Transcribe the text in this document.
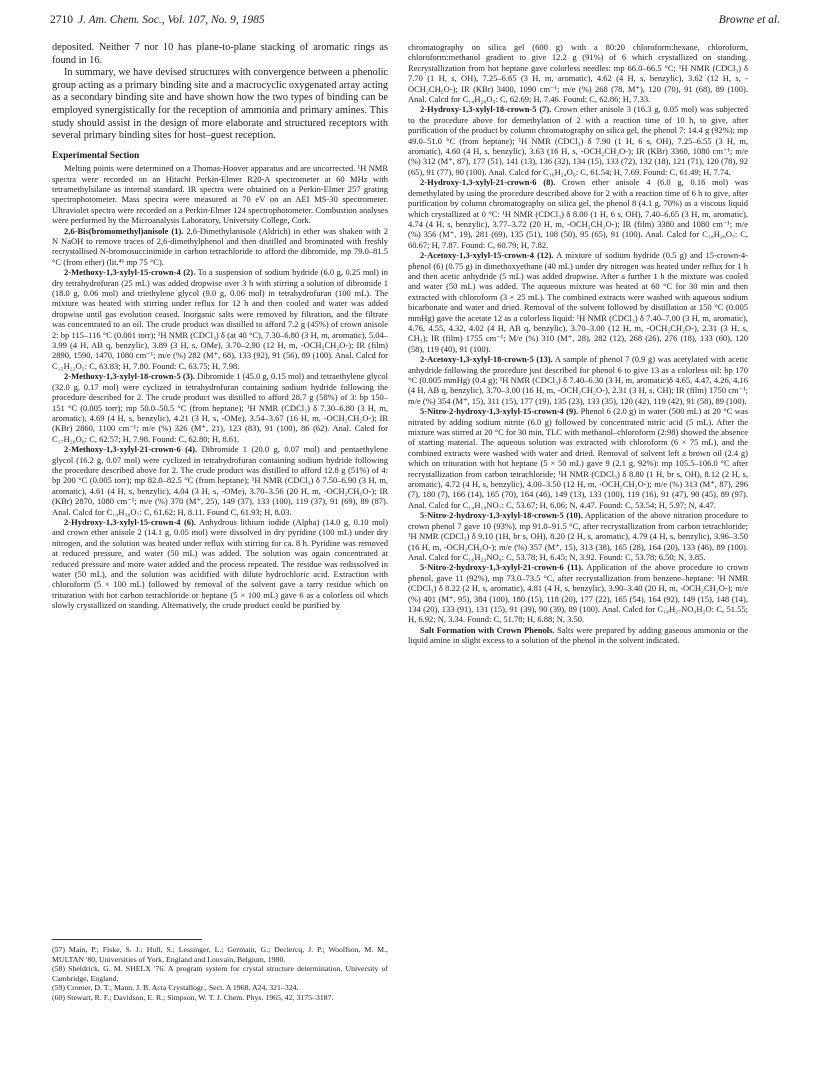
2710 J. Am. Chem. Soc., Vol. 107, No. 9, 1985	Browne et al.

deposited. Neither 7 nor 10 has plane-to-plane stacking of aromatic rings as found in 16.

In summary, we have devised structures with convergence between a phenolic group acting as a primary binding site and a macrocyclic oxygenated array acting as a secondary binding site and have shown how the two types of binding can be employed synergistically for the reception of ammonia and primary amines. This study should assist in the design of more elaborate and structured receptors with several primary binding sites for host–guest reception.

Experimental Section

Melting points were determined on a Thomas-Hoover apparatus and are uncorrected. ¹H NMR spectra were recorded on an Hitachi Perkin-Elmer R20-A spectrometer at 60 MHz with tetramethylsilane as internal standard. IR spectra were obtained on a Perkin-Elmer 257 grating spectrophotometer. Mass spectra were measured at 70 eV on an AEI MS-30 spectrometer. Ultraviolet spectra were recorded on a Perkin-Elmer 124 spectrophotometer. Combustion analyses were performed by the Microanalysis Laboratory, University College, Cork.

2,6-Bis(bromomethyl)anisole (1). 2,6-Dimethylanisole (Aldrich) in ether was shaken with 2 N NaOH to remove traces of 2,6-dimethylphenol and then distilled and brominated with freshly recrystallised N-bromosuccinimide in carbon tetrachloride to afford the dibromide, mp 79.0–81.5 °C (from ether) (lit.⁴¹ mp 75 °C).

2-Methoxy-1,3-xylyl-15-crown-4 (2). To a suspension of sodium hydride (6.0 g, 0.25 mol) in dry tetrahydrofuran (25 mL) was added dropwise over 3 h with stirring a solution of dibromide 1 (18.0 g, 0.06 mol) and triethylene glycol (9.0 g, 0.06 mol) in tetrahydrofuran (100 mL). The mixture was heated with stirring under reflux for 12 h and then cooled and water was added dropwise until gas evolution ceased. Inorganic salts were removed by filtration, and the filtrate was concentrated to an oil. The crude product was distilled to afford 7.2 g (45%) of crown anisole 2: bp 115–116 °C (0.001 torr); ¹H NMR (CDCl₃) δ (at 40 °C), 7.30–6.80 (3 H, m, aromatic), 5.04–3.99 (4 H, AB q, benzylic), 3.89 (3 H, s, OMe), 3.70–2.90 (12 H, m, -OCH₂CH₂O-); IR (film) 2890, 1590, 1470, 1080 cm⁻¹; m/e (%) 282 (M⁺, 68), 133 (92), 91 (56), 89 (100). Anal. Calcd for C₁₅H₂₂O₅: C, 63.83; H, 7.80. Found: C, 63.75; H, 7.98.

2-Methoxy-1,3-xylyl-18-crown-5 (3). Dibromide 1 (45.0 g, 0.15 mol) and tetraethylene glycol (32.0 g, 0.17 mol) were cyclized in tetrahydrofuran containing sodium hydride following the procedure described for 2. The crude product was distilled to afford 28.7 g (58%) of 3: bp 150–151 °C (0.005 torr); mp 50.0–50.5 °C (from heptane); ¹H NMR (CDCl₃) δ 7.30–6.80 (3 H, m, aromatic), 4.69 (4 H, s, benzylic), 4.21 (3 H, s, -OMe), 3.54–3.67 (16 H, m, -OCH₂CH₂O-); IR (KBr) 2860, 1100 cm⁻¹; m/e (%) 326 (M⁺, 21), 123 (83), 91 (100), 86 (62). Anal. Calcd for C₁₇H₂₆O₆: C, 62.57; H, 7.98. Found: C, 62.80; H, 8.61.

2-Methoxy-1,3-xylyl-21-crown-6 (4). Dibromide 1 (20.0 g, 0.07 mol) and pentaethylene glycol (16.2 g, 0.07 mol) were cyclized in tetrahydrofuran containing sodium hydride following the procedure described above for 2. The crude product was distilled to afford 12.8 g (51%) of 4: bp 200 °C (0.005 torr); mp 82.0–82.5 °C (from heptane); ¹H NMR (CDCl₃) δ 7.50–6.90 (3 H, m, aromatic), 4.61 (4 H, s, benzylic), 4.04 (3 H, s, -OMe), 3.70–3.56 (20 H, m, -OCH₂CH₂O-); IR (KBr) 2870, 1080 cm⁻¹; m/e (%) 370 (M⁺, 25), 149 (37), 133 (100), 119 (37), 91 (69), 89 (87). Anal. Calcd for C₁₉H₃₀O₇: C, 61.62; H, 8.11. Found C, 61.93; H, 8.03.

2-Hydroxy-1,3-xylyl-15-crown-4 (6). Anhydrous lithium iodide (Alpha) (14.0 g, 0.10 mol) and crown ether anisole 2 (14.1 g, 0.05 mol) were dissolved in dry pyridine (100 mL) under dry nitrogen, and the solution was heated under reflux with stirring for ca. 8 h. Pyridine was removed at reduced pressure, and water (50 mL) was added. The solution was again concentrated at reduced pressure and more water added and the process repeated. The residue was redissolved in water (50 mL), and the solution was acidified with dilute hydrochloric acid. Extraction with chloroform (5 × 100 mL) followed by removal of the solvent gave a tarry residue which on trituration with hot carbon tetrachloride or heptane (5 × 100 mL) gave 6 as a colorless oil which slowly crystallized on standing. Alternatively, the crude product could be purified by

(57) Main, P.; Fiske, S. J.; Hull, S.; Lessinger, L.; Germain, G.; Declercq, J. P.; Woolfson, M. M., MULTAN '80, Universities of York, England and Louvain, Belgium, 1980.

(58) Sheldrick, G. M. SHELX '76. A program system for crystal structure determination, University of Cambridge, England.

(59) Cromer, D. T.; Mann, J. B. Acta Crystallogr., Sect. A 1968, A24, 321–324.

(60) Stewart, R. F.; Davidson, E. R.; Simpson, W. T. J. Chem. Phys. 1965, 42, 3175–3187.

chromatography on silica gel (600 g) with a 80:20 chloroform:hexane, chloroform, chloroform:methanol gradient to give 12.2 g (91%) of 6 which crystallized on standing. Recrystallization from hot heptane gave colorless needles: mp 66.0–66.5 °C; ¹H NMR (CDCl₃) δ 7.70 (1 H, s, OH), 7.25–6.65 (3 H, m, aromatic), 4.62 (4 H, s, benzylic), 3.62 (12 H, s, -OCH₂CH₂O-); IR (KBr) 3400, 1090 cm⁻¹; m/e (%) 268 (78, M⁺), 120 (70), 91 (68), 89 (100). Anal. Calcd for C₁₄H₂₀O₅: C, 62.69; H, 7.46. Found: C, 62.86; H, 7.33.

2-Hydroxy-1,3-xylyl-18-crown-5 (7). Crown ether anisole 3 (16.3 g, 0.05 mol) was subjected to the procedure above for demethylation of 2 with a reaction time of 10 h, to give, after purification of the product by column chromatography on silica gel, the phenol 7: 14.4 g (92%); mp 49.0–51.0 °C (from heptane); ¹H NMR (CDCl₃) δ 7.90 (1 H, 6 s, OH), 7.25–6.55 (3 H, m, aromatic), 4.60 (4 H, s, benzylic), 3.63 (16 H, s, -OCH₂CH₂O-); IR (KBr) 3360, 1080 cm⁻¹; m/e (%) 312 (M⁺, 87), 177 (51), 141 (13), 136 (32), 134 (15), 133 (72), 132 (18), 121 (71), 120 (78), 92 (65), 91 (77), 90 (100). Anal. Calcd for C₁₆H₂₄O₆: C, 61.54; H, 7.69. Found: C, 61.49; H, 7.74.

2-Hydroxy-1,3-xylyl-21-crown-6 (8). Crown ether anisole 4 (6.0 g, 0.16 mol) was demethylated by using the procedure described above for 2 with a reaction time of 6 h to give, after purification by column chromatography on silica gel, the phenol 8 (4.1 g, 70%) as a viscous liquid which crystallized at 0 °C: ¹H NMR (CDCl₃) δ 8.00 (1 H, 6 s, OH), 7.40–6.65 (3 H, m, aromatic), 4.74 (4 H, s, benzylic), 3.77–3.72 (20 H, m, -OCH₂CH₂O-); IR (film) 3380 and 1080 cm⁻¹; m/e (%) 356 (M⁺, 19), 281 (69), 135 (51), 108 (50), 95 (65), 91 (100). Anal. Calcd for C₁₈H₂₈O₇: C, 60.67; H, 7.87. Found: C, 60.79; H, 7.82.

2-Acetoxy-1,3-xylyl-15-crown-4 (12). A mixture of sodium hydride (0.5 g) and 15-crown-4-phenol (6) (0.75 g) in dimethoxyethane (40 mL) under dry nitrogen was heated under reflux for 1 h and then acetic anhydride (5 mL) was added dropwise. After a further 1 h the mixture was cooled and water (50 mL) was added. The aqueous mixture was heated at 60 °C for 30 min and then extracted with chloroform (3 × 25 mL). The combined extracts were washed with aqueous sodium bicarbonate and water and dried. Removal of the solvent followed by distillation at 150 °C (0.005 mmHg) gave the acetate 12 as a colorless liquid: ¹H NMR (CDCl₃) δ 7.40–7.00 (3 H, m, aromatic), 4.76, 4.55, 4.32, 4.02 (4 H, AB q, benzylic), 3.70–3.00 (12 H, m, -OCH₂CH₂O-), 2.31 (3 H, s, CH₃); IR (film) 1755 cm⁻¹; M/e (%) 310 (M⁺, 28), 282 (12), 268 (26), 276 (18), 133 (60), 120 (58), 119 (40), 91 (100).

2-Acetoxy-1,3-xylyl-18-crown-5 (13). A sample of phenol 7 (0.9 g) was acetylated with acetic anhydride following the procedure just described for phenol 6 to give 13 as a colorless oil: bp 170 °C (0.005 mmHg) (0.4 g); ¹H NMR (CDCl₃) δ 7.40–6.30 (3 H, m, aromatic)δ 4.65, 4.47, 4.26, 4.16 (4 H, AB q, benzylic), 3.70–3.00 (16 H, m, -OCH₂CH₂O-), 2.31 (3 H, s, CH); IR (film) 1750 cm⁻¹; m/e (%) 354 (M⁺, 15), 311 (15), 177 (19), 135 (23), 133 (35), 120 (42), 119 (42), 91 (58), 89 (100).

5-Nitro-2-hydroxy-1,3-xylyl-15-crown-4 (9). Phenol 6 (2.0 g) in water (500 mL) at 20 °C was nitrated by adding sodium nitrite (6.0 g) followed by concentrated nitric acid (5 mL). After the mixture was stirred at 20 °C for 30 min, TLC with methanol–chloroform (2:98) showed the absence of starting material. The aqueous solution was extracted with chloroform (6 × 75 mL), and the combined extracts were washed with water and dried. Removal of solvent left a brown oil (2.4 g) which on trituration with hot heptane (5 × 50 mL) gave 9 (2.1 g, 92%): mp 105.5–106.0 °C after recrystallization from carbon tetrachloride; ¹H NMR (CDCl₃) δ 8.80 (1 H, br s, OH), 8.12 (2 H, s, aromatic), 4.72 (4 H, s, benzylic), 4.00–3.50 (12 H, m, -OCH₂CH₂O-); m/e (%) 313 (M⁺, 87), 296 (7), 180 (7), 166 (14), 165 (70), 164 (46), 149 (13), 133 (100), 119 (16), 91 (47), 90 (45), 89 (97). Anal. Calcd for C₁₄H₁₉NO₇: C, 53.67; H, 6.06; N, 4.47. Found: C, 53.54; H, 5.97; N, 4.47.

5-Nitro-2-hydroxy-1,3-xylyl-18-crown-5 (10). Application of the above nitration procedure to crown phenol 7 gave 10 (93%), mp 91.0–91.5 °C, after recrystallization from carbon tetrachloride; ¹H NMR (CDCl₃) δ 9.10 (1H, br s, OH), 8.20 (2 H, s, aromatic), 4.79 (4 H, s, benzylic), 3.96–3.50 (16 H, m, -OCH₂CH₂O-); m/e (%) 357 (M⁺, 15), 313 (38), 165 (28), 164 (20), 133 (46), 89 (100). Anal. Calcd for C₁₆H₂₃NO₈: C, 53.78; H, 6.45; N, 3.92. Found: C, 53.78; 6.50; N, 3.85.

5-Nitro-2-hydroxy-1,3-xylyl-21-crown-6 (11). Application of the above procedure to crown phenol, gave 11 (92%), mp 73.0–73.5 °C, after recrystallization from benzene–heptane: ¹H NMR (CDCl₃) δ 8.22 (2 H, s, aromatic), 4.81 (4 H, s, benzylic), 3.90–3.40 (20 H, m, -OCH₂CH₂O-); m/e (%) 401 (M⁺, 95), 384 (100), 180 (15), 118 (20), 177 (22), 165 (54), 164 (92), 149 (15), 148 (14), 134 (20), 133 (91), 131 (15), 91 (39), 90 (39), 89 (100). Anal. Calcd for C₁₈H₂₇NO₉H₂O: C, 51.55; H, 6.92; N, 3.34. Found: C, 51.78; H, 6.88; N, 3.50.

Salt Formation with Crown Phenols. Salts were prepared by adding gaseous ammonia or the liquid amine in slight excess to a solution of the phenol in the solvent indicated.
